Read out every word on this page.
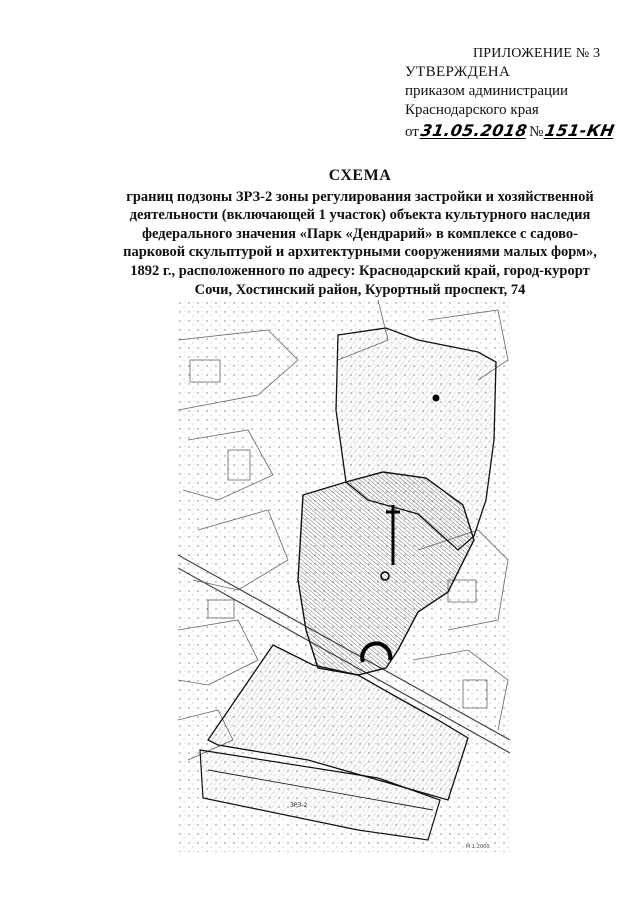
ПРИЛОЖЕНИЕ № 3
УТВЕРЖДЕНА
приказом администрации
Краснодарского края
от 31.05.2018 № 151-КН
СХЕМА
границ подзоны ЗРЗ-2 зоны регулирования застройки и хозяйственной
деятельности (включающей 1 участок) объекта культурного наследия
федерального значения «Парк «Дендрарий» в комплексе с садово-
парковой скульптурой и архитектурными сооружениями малых форм»,
1892 г., расположенного по адресу: Краснодарский край, город-курорт
Сочи, Хостинский район, Курортный проспект, 74
ЗРЗ-2
М 1:2000
